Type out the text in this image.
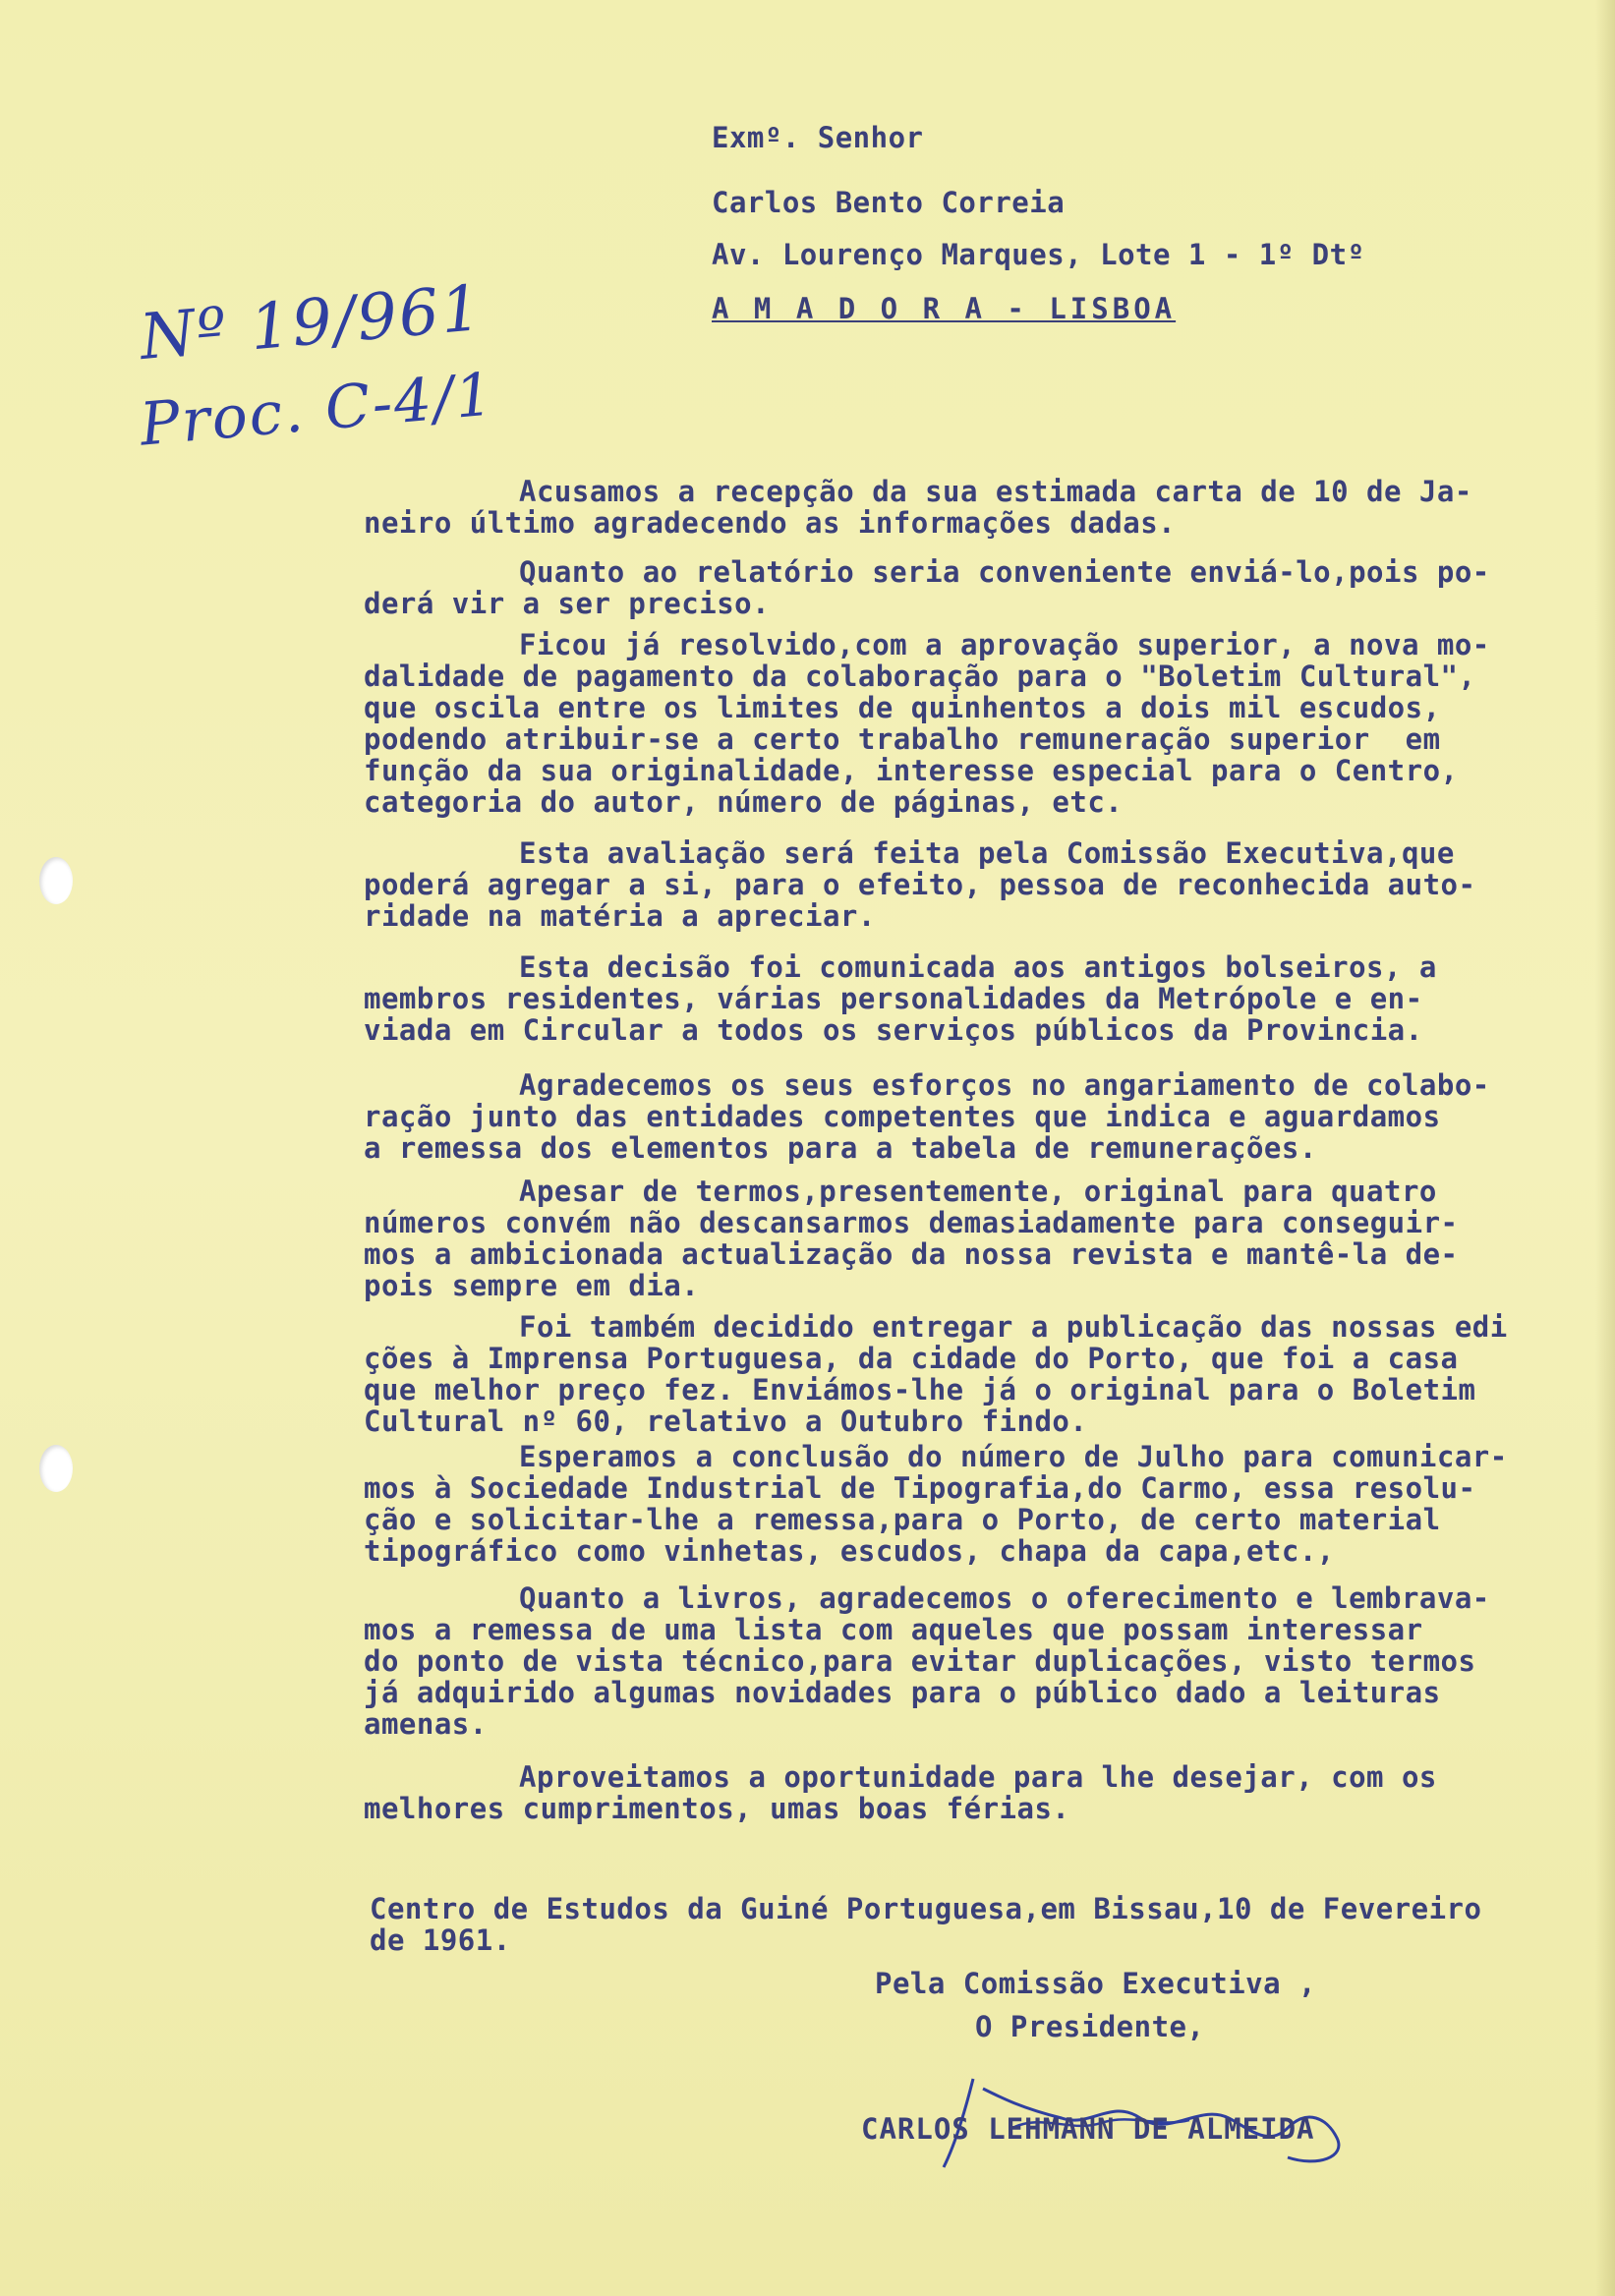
Nº 19/961
Proc. C-4/1
Exmº. Senhor
Carlos Bento Correia
Av. Lourenço Marques, Lote 1 - 1º Dtº
A M A D O R A - LISBOA
Acusamos a recepção da sua estimada carta de 10 de Ja-
neiro último agradecendo as informações dadas.
Quanto ao relatório seria conveniente enviá-lo,pois po-
derá vir a ser preciso.
Ficou já resolvido,com a aprovação superior, a nova mo-
dalidade de pagamento da colaboração para o "Boletim Cultural",
que oscila entre os limites de quinhentos a dois mil escudos,
podendo atribuir-se a certo trabalho remuneração superior  em
função da sua originalidade, interesse especial para o Centro,
categoria do autor, número de páginas, etc.
Esta avaliação será feita pela Comissão Executiva,que
poderá agregar a si, para o efeito, pessoa de reconhecida auto-
ridade na matéria a apreciar.
Esta decisão foi comunicada aos antigos bolseiros, a
membros residentes, várias personalidades da Metrópole e en-
viada em Circular a todos os serviços públicos da Provincia.
Agradecemos os seus esforços no angariamento de colabo-
ração junto das entidades competentes que indica e aguardamos
a remessa dos elementos para a tabela de remunerações.
Apesar de termos,presentemente, original para quatro
números convém não descansarmos demasiadamente para conseguir-
mos a ambicionada actualização da nossa revista e mantê-la de-
pois sempre em dia.
Foi também decidido entregar a publicação das nossas edi
ções à Imprensa Portuguesa, da cidade do Porto, que foi a casa
que melhor preço fez. Enviámos-lhe já o original para o Boletim
Cultural nº 60, relativo a Outubro findo.
Esperamos a conclusão do número de Julho para comunicar-
mos à Sociedade Industrial de Tipografia,do Carmo, essa resolu-
ção e solicitar-lhe a remessa,para o Porto, de certo material
tipográfico como vinhetas, escudos, chapa da capa,etc.,
Quanto a livros, agradecemos o oferecimento e lembrava-
mos a remessa de uma lista com aqueles que possam interessar
do ponto de vista técnico,para evitar duplicações, visto termos
já adquirido algumas novidades para o público dado a leituras
amenas.
Aproveitamos a oportunidade para lhe desejar, com os
melhores cumprimentos, umas boas férias.
Centro de Estudos da Guiné Portuguesa,em Bissau,10 de Fevereiro
de 1961.
Pela Comissão Executiva ,
O Presidente,
CARLOS LEHMANN DE ALMEIDA
